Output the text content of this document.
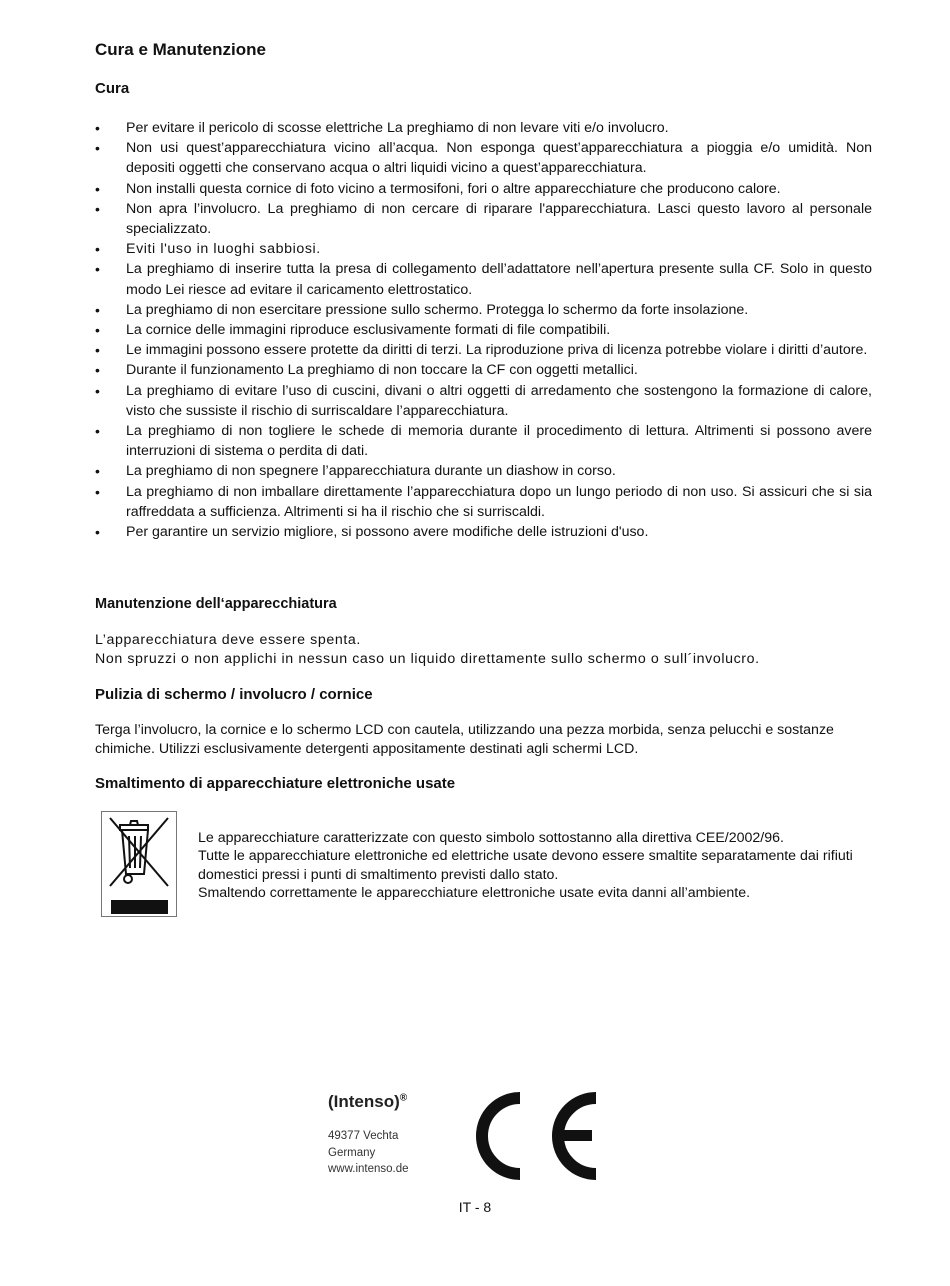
Cura e Manutenzione
Cura
• Per evitare il pericolo di scosse elettriche La preghiamo di non levare viti e/o involucro.
• Non usi quest’apparecchiatura vicino all’acqua. Non esponga quest’apparecchiatura a pioggia e/o umidità. Non depositi oggetti che conservano acqua o altri liquidi vicino a quest’apparecchiatura.
• Non installi questa cornice di foto vicino a termosifoni, fori o altre apparecchiature che producono calore.
• Non apra l’involucro. La preghiamo di non cercare di riparare l'apparecchiatura. Lasci questo lavoro al personale specializzato.
• Eviti l'uso in luoghi sabbiosi.
• La preghiamo di inserire tutta la presa di collegamento dell’adattatore nell’apertura presente sulla CF. Solo in questo modo Lei riesce ad evitare il caricamento elettrostatico.
• La preghiamo di non esercitare pressione sullo schermo. Protegga lo schermo da forte insolazione.
• La cornice delle immagini riproduce esclusivamente formati di file compatibili.
• Le immagini possono essere protette da diritti di terzi. La riproduzione priva di licenza potrebbe violare i diritti d’autore.
• Durante il funzionamento La preghiamo di non toccare la CF con oggetti metallici.
• La preghiamo di evitare l’uso di cuscini, divani o altri oggetti di arredamento che sostengono la formazione di calore, visto che sussiste il rischio di surriscaldare l’apparecchiatura.
• La preghiamo di non togliere le schede di memoria durante il procedimento di lettura. Altrimenti si possono avere interruzioni di sistema o perdita di dati.
• La preghiamo di non spegnere l’apparecchiatura durante un diashow in corso.
• La preghiamo di non imballare direttamente l’apparecchiatura dopo un lungo periodo di non uso. Si assicuri che si sia raffreddata a sufficienza. Altrimenti si ha il rischio che si surriscaldi.
• Per garantire un servizio migliore, si possono avere modifiche delle istruzioni d'uso.
Manutenzione dell‘apparecchiatura

L’apparecchiatura deve essere spenta.

Non spruzzi o non applichi in nessun caso un liquido direttamente sullo schermo o sull´involucro.

Pulizia di schermo / involucro / cornice

Terga l’involucro, la cornice e lo schermo LCD con cautela, utilizzando una pezza morbida, senza pelucchi e sostanze chimiche. Utilizzi esclusivamente detergenti appositamente destinati agli schermi LCD.

Smaltimento di apparecchiature elettroniche usate
Le apparecchiature caratterizzate con questo simbolo sottostanno alla direttiva CEE/2002/96.
Tutte le apparecchiature elettroniche ed elettriche usate devono essere smaltite separatamente dai rifiuti domestici pressi i punti di smaltimento previsti dallo stato.
Smaltendo correttamente le apparecchiature elettroniche usate evita danni all’ambiente.
(Intenso)®
49377 Vechta
Germany
www.intenso.de
IT - 8
